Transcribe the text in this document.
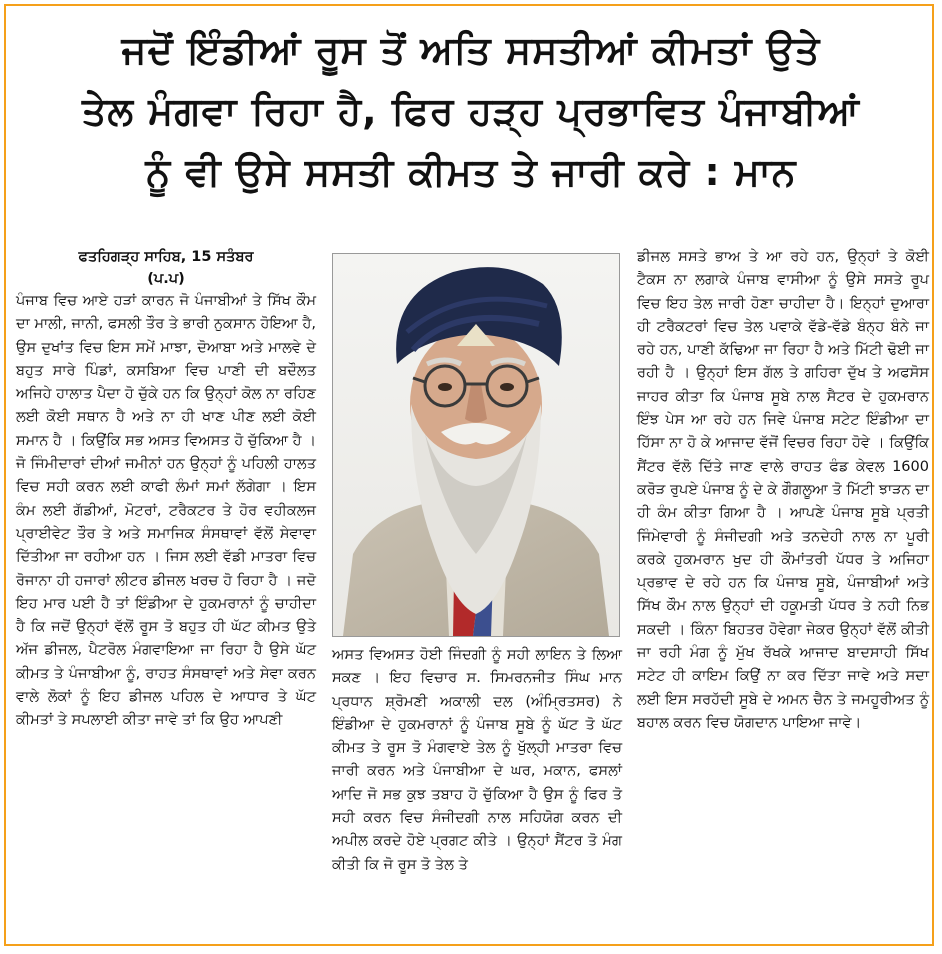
ਜਦੋਂ ਇੰਡੀਆਂ ਰੂਸ ਤੋਂ ਅਤਿ ਸਸਤੀਆਂ ਕੀਮਤਾਂ ਉਤੇ
ਤੇਲ ਮੰਗਵਾ ਰਿਹਾ ਹੈ, ਫਿਰ ਹੜ੍ਹ ਪ੍ਰਭਾਵਿਤ ਪੰਜਾਬੀਆਂ
ਨੂੰ ਵੀ ਉਸੇ ਸਸਤੀ ਕੀਮਤ ਤੇ ਜਾਰੀ ਕਰੇ : ਮਾਨ
ਫਤਹਿਗੜ੍ਹ ਸਾਹਿਬ, 15 ਸਤੰਬਰ
(ਪ.ਪ)

ਪੰਜਾਬ ਵਿਚ ਆਏ ਹੜਾਂ ਕਾਰਨ ਜੋ ਪੰਜਾਬੀਆਂ ਤੇ ਸਿੱਖ ਕੌਮ ਦਾ ਮਾਲੀ, ਜਾਨੀ, ਫਸਲੀ ਤੌਰ ਤੇ ਭਾਰੀ ਨੁਕਸਾਨ ਹੋਇਆ ਹੈ, ਉਸ ਦੁਖਾਂਤ ਵਿਚ ਇਸ ਸਮੇਂ ਮਾਝਾ, ਦੋਆਬਾ ਅਤੇ ਮਾਲਵੇ ਦੇ ਬਹੁਤ ਸਾਰੇ ਪਿੰਡਾਂ, ਕਸਬਿਆ ਵਿਚ ਪਾਣੀ ਦੀ ਬਦੌਲਤ ਅਜਿਹੇ ਹਾਲਾਤ ਪੈਦਾ ਹੋ ਚੁੱਕੇ ਹਨ ਕਿ ਉਨ੍ਹਾਂ ਕੋਲ ਨਾ ਰਹਿਣ ਲਈ ਕੋਈ ਸਥਾਨ ਹੈ ਅਤੇ ਨਾ ਹੀ ਖਾਣ ਪੀਣ ਲਈ ਕੋਈ ਸਮਾਨ ਹੈ । ਕਿਉਂਕਿ ਸਭ ਅਸਤ ਵਿਅਸਤ ਹੋ ਚੁੱਕਿਆ ਹੈ । ਜੋ ਜਿੰਮੀਦਾਰਾਂ ਦੀਆਂ ਜਮੀਨਾਂ ਹਨ ਉਨ੍ਹਾਂ ਨੂੰ ਪਹਿਲੀ ਹਾਲਤ ਵਿਚ ਸਹੀ ਕਰਨ ਲਈ ਕਾਫੀ ਲੰਮਾਂ ਸਮਾਂ ਲੱਗੇਗਾ । ਇਸ ਕੰਮ ਲਈ ਗੱਡੀਆਂ, ਮੋਟਰਾਂ, ਟਰੈਕਟਰ ਤੇ ਹੋਰ ਵਹੀਕਲਜ ਪ੍ਰਾਈਵੇਟ ਤੌਰ ਤੇ ਅਤੇ ਸਮਾਜਿਕ ਸੰਸਥਾਵਾਂ ਵੱਲੋਂ ਸੇਵਾਵਾ ਦਿੱਤੀਆ ਜਾ ਰਹੀਆ ਹਨ । ਜਿਸ ਲਈ ਵੱਡੀ ਮਾਤਰਾ ਵਿਚ ਰੋਜਾਨਾ ਹੀ ਹਜਾਰਾਂ ਲੀਟਰ ਡੀਜਲ ਖਰਚ ਹੋ ਰਿਹਾ ਹੈ । ਜਦੋ ਇਹ ਮਾਰ ਪਈ ਹੈ ਤਾਂ ਇੰਡੀਆ ਦੇ ਹੁਕਮਰਾਨਾਂ ਨੂੰ ਚਾਹੀਦਾ ਹੈ ਕਿ ਜਦੋਂ ਉਨ੍ਹਾਂ ਵੱਲੋਂ ਰੂਸ ਤੋ ਬਹੁਤ ਹੀ ਘੱਟ ਕੀਮਤ ਉਤੇ ਅੱਜ ਡੀਜਲ, ਪੈਟਰੋਲ ਮੰਗਵਾਇਆ ਜਾ ਰਿਹਾ ਹੈ ਉਸੇ ਘੱਟ ਕੀਮਤ ਤੇ ਪੰਜਾਬੀਆ ਨੂੰ, ਰਾਹਤ ਸੰਸਥਾਵਾਂ ਅਤੇ ਸੇਵਾ ਕਰਨ ਵਾਲੇ ਲੋਕਾਂ ਨੂੰ ਇਹ ਡੀਜਲ ਪਹਿਲ ਦੇ ਆਧਾਰ ਤੇ ਘੱਟ ਕੀਮਤਾਂ ਤੇ ਸਪਲਾਈ ਕੀਤਾ ਜਾਵੇ ਤਾਂ ਕਿ ਉਹ ਆਪਣੀ

ਅਸਤ ਵਿਅਸਤ ਹੋਈ ਜਿੰਦਗੀ ਨੂੰ ਸਹੀ ਲਾਇਨ ਤੇ ਲਿਆ ਸਕਣ । ਇਹ ਵਿਚਾਰ ਸ. ਸਿਮਰਨਜੀਤ ਸਿੰਘ ਮਾਨ ਪ੍ਰਧਾਨ ਸ਼੍ਰੋਮਣੀ ਅਕਾਲੀ ਦਲ (ਅੰਮ੍ਰਿਤਸਰ) ਨੇ ਇੰਡੀਆ ਦੇ ਹੁਕਮਰਾਨਾਂ ਨੂੰ ਪੰਜਾਬ ਸੂਬੇ ਨੂੰ ਘੱਟ ਤੋ ਘੱਟ ਕੀਮਤ ਤੇ ਰੂਸ ਤੋ ਮੰਗਵਾਏ ਤੇਲ ਨੂੰ ਖੁੱਲ੍ਹੀ ਮਾਤਰਾ ਵਿਚ ਜਾਰੀ ਕਰਨ ਅਤੇ ਪੰਜਾਬੀਆ ਦੇ ਘਰ, ਮਕਾਨ, ਫਸਲਾਂ ਆਦਿ ਜੋ ਸਭ ਕੁਝ ਤਬਾਹ ਹੋ ਚੁੱਕਿਆ ਹੈ ਉਸ ਨੂੰ ਫਿਰ ਤੋ ਸਹੀ ਕਰਨ ਵਿਚ ਸੰਜੀਦਗੀ ਨਾਲ ਸਹਿਯੋਗ ਕਰਨ ਦੀ ਅਪੀਲ ਕਰਦੇ ਹੋਏ ਪ੍ਰਗਟ ਕੀਤੇ । ਉਨ੍ਹਾਂ ਸੈਂਟਰ ਤੋ ਮੰਗ ਕੀਤੀ ਕਿ ਜੋ ਰੂਸ ਤੋ ਤੇਲ ਤੇ

ਡੀਜਲ ਸਸਤੇ ਭਾਅ ਤੇ ਆ ਰਹੇ ਹਨ, ਉਨ੍ਹਾਂ ਤੇ ਕੋਈ ਟੈਕਸ ਨਾ ਲਗਾਕੇ ਪੰਜਾਬ ਵਾਸੀਆ ਨੂੰ ਉਸੇ ਸਸਤੇ ਰੂਪ ਵਿਚ ਇਹ ਤੇਲ ਜਾਰੀ ਹੋਣਾ ਚਾਹੀਦਾ ਹੈ। ਇਨ੍ਹਾਂ ਦੁਆਰਾ ਹੀ ਟਰੈਕਟਰਾਂ ਵਿਚ ਤੇਲ ਪਵਾਕੇ ਵੱਡੇ-ਵੱਡੇ ਬੰਨ੍ਹ ਬੰਨੇ ਜਾ ਰਹੇ ਹਨ, ਪਾਣੀ ਕੱਢਿਆ ਜਾ ਰਿਹਾ ਹੈ ਅਤੇ ਮਿੱਟੀ ਢੋਈ ਜਾ ਰਹੀ ਹੈ । ਉਨ੍ਹਾਂ ਇਸ ਗੱਲ ਤੇ ਗਹਿਰਾ ਦੁੱਖ ਤੇ ਅਫਸੋਸ ਜਾਹਰ ਕੀਤਾ ਕਿ ਪੰਜਾਬ ਸੂਬੇ ਨਾਲ ਸੈਟਰ ਦੇ ਹੁਕਮਰਾਨ ਇੰਝ ਪੇਸ ਆ ਰਹੇ ਹਨ ਜਿਵੇ ਪੰਜਾਬ ਸਟੇਟ ਇੰਡੀਆ ਦਾ ਹਿੱਸਾ ਨਾ ਹੋ ਕੇ ਆਜਾਦ ਵੱਜੋਂ ਵਿਚਰ ਰਿਹਾ ਹੋਵੇ । ਕਿਉਂਕਿ ਸੈਂਟਰ ਵੱਲੋ ਦਿੱਤੇ ਜਾਣ ਵਾਲੇ ਰਾਹਤ ਫੰਡ ਕੇਵਲ 1600 ਕਰੋੜ ਰੁਪਏ ਪੰਜਾਬ ਨੂੰ ਦੇ ਕੇ ਗੌਗਲੂਆ ਤੋ ਮਿੱਟੀ ਝਾੜਨ ਦਾ ਹੀ ਕੰਮ ਕੀਤਾ ਗਿਆ ਹੈ । ਆਪਣੇ ਪੰਜਾਬ ਸੂਬੇ ਪ੍ਰਤੀ ਜਿੰਮੇਵਾਰੀ ਨੂੰ ਸੰਜੀਦਗੀ ਅਤੇ ਤਨਦੇਹੀ ਨਾਲ ਨਾ ਪੂਰੀ ਕਰਕੇ ਹੁਕਮਰਾਨ ਖੁਦ ਹੀ ਕੌਮਾਂਤਰੀ ਪੱਧਰ ਤੇ ਅਜਿਹਾ ਪ੍ਰਭਾਵ ਦੇ ਰਹੇ ਹਨ ਕਿ ਪੰਜਾਬ ਸੂਬੇ, ਪੰਜਾਬੀਆਂ ਅਤੇ ਸਿੱਖ ਕੌਮ ਨਾਲ ਉਨ੍ਹਾਂ ਦੀ ਹਕੂਮਤੀ ਪੱਧਰ ਤੇ ਨਹੀ ਨਿਭ ਸਕਦੀ । ਕਿੰਨਾ ਬਿਹਤਰ ਹੋਵੇਗਾ ਜੇਕਰ ਉਨ੍ਹਾਂ ਵੱਲੋਂ ਕੀਤੀ ਜਾ ਰਹੀ ਮੰਗ ਨੂੰ ਮੁੱਖ ਰੱਖਕੇ ਆਜਾਦ ਬਾਦਸਾਹੀ ਸਿੱਖ ਸਟੇਟ ਹੀ ਕਾਇਮ ਕਿਉਂ ਨਾ ਕਰ ਦਿੱਤਾ ਜਾਵੇ ਅਤੇ ਸਦਾ ਲਈ ਇਸ ਸਰਹੱਦੀ ਸੂਬੇ ਦੇ ਅਮਨ ਚੈਨ ਤੇ ਜਮਹੂਰੀਅਤ ਨੂੰ ਬਹਾਲ ਕਰਨ ਵਿਚ ਯੋਗਦਾਨ ਪਾਇਆ ਜਾਵੇ।
